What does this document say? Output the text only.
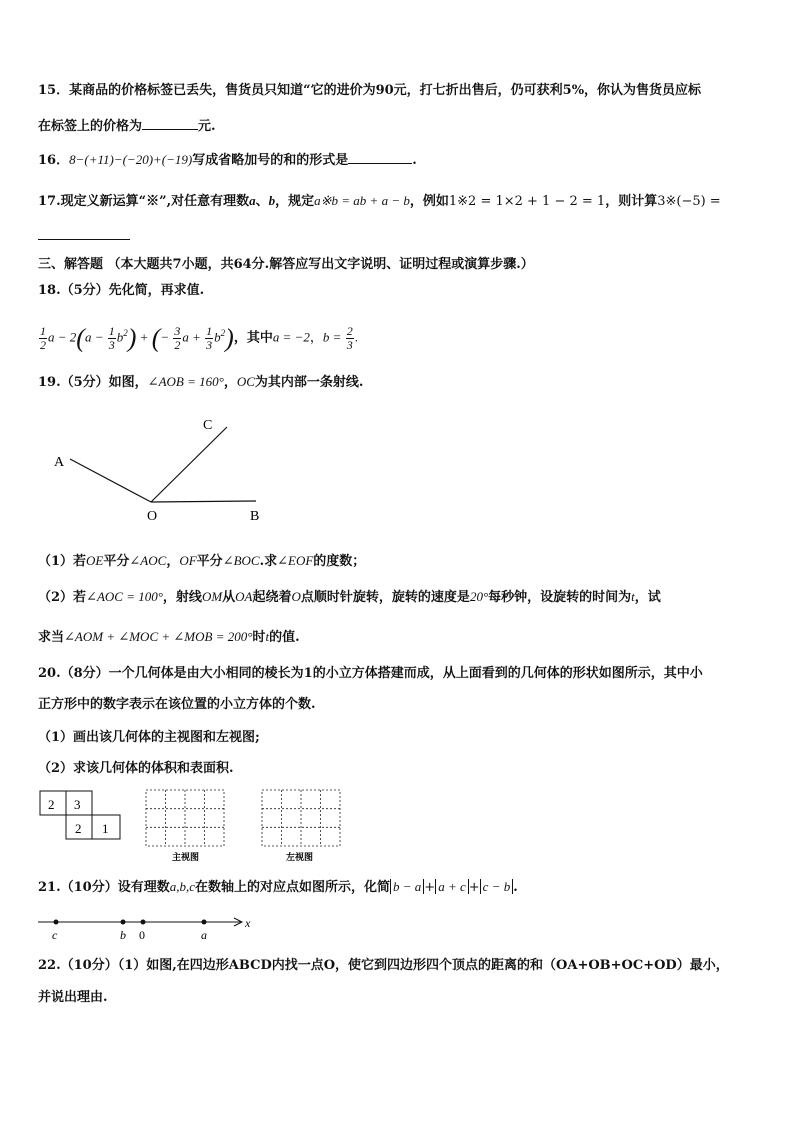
15．某商品的价格标签已丢失，售货员只知道“它的进价为90元，打七折出售后，仍可获利5%，你认为售货员应标
在标签上的价格为	元.
16．8−(+11)−(−20)+(−19)写成省略加号的和的形式是	.
17.现定义新运算“※”,对任意有理数a、b，规定a※b = ab + a − b，例如1※2 = 1×2 + 1 − 2 = 1，则计算3※(−5) =
三、解答题 （本大题共7小题，共64分.解答应写出文字说明、证明过程或演算步骤.）
18.（5分）先化简，再求值.
$\frac{1}{2}$ $a - 2(a - \frac{1}{3} b^2)$ + (− $\frac{3}{2}$ $a + \frac{1}{3} b^2$)，其中a = −2，$b = \frac{2}{3}$ .
19.（5分）如图，∠AOB = 160°，OC为其内部一条射线.
A
C
O	B
（1）若OE平分∠AOC，OF平分∠BOC.求∠EOF的度数；
（2）若∠AOC = 100°，射线OM从OA起绕着O点顺时针旋转，旋转的速度是20°每秒钟，设旋转的时间为t，试
求当∠AOM + ∠MOC + ∠MOB = 200°时t的值.
20.（8分）一个几何体是由大小相同的棱长为1的小立方体搭建而成，从上面看到的几何体的形状如图所示，其中小
正方形中的数字表示在该位置的小立方体的个数.
（1）画出该几何体的主视图和左视图;
（2）求该几何体的体积和表面积.
2 3
2 1
主视图	左视图
21.（10分）设有理数a,b,c在数轴上的对应点如图所示，化简 b − a + a + c + c − b .
x
c	b 0	a
22.（10分）（1）如图,在四边形ABCD内找一点O，使它到四边形四个顶点的距离的和（OA+OB+OC+OD）最小，
并说出理由.
